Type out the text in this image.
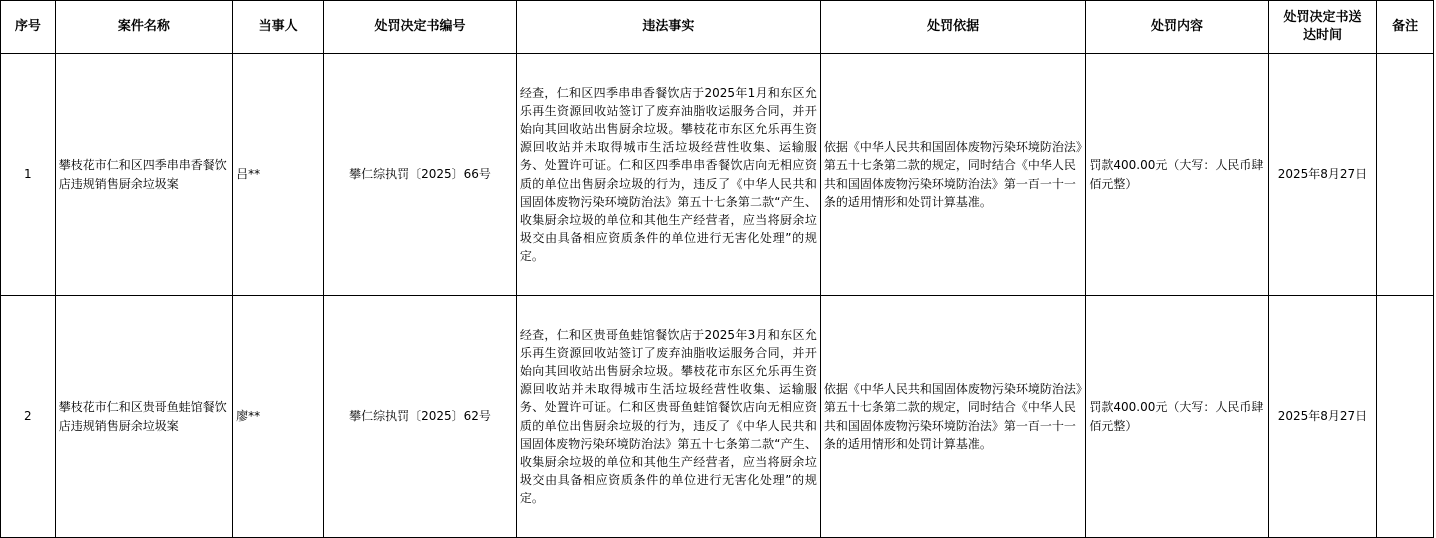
序号	案件名称	当事人	处罚决定书编号	违法事实	处罚依据	处罚内容	处罚决定书送达时间	备注
1	攀枝花市仁和区四季串串香餐饮店违规销售厨余垃圾案	吕**	攀仁综执罚〔2025〕66号	经查，仁和区四季串串香餐饮店于2025年1月和东区允乐再生资源回收站签订了废弃油脂收运服务合同，并开始向其回收站出售厨余垃圾。攀枝花市东区允乐再生资源回收站并未取得城市生活垃圾经营性收集、运输服务、处置许可证。仁和区四季串串香餐饮店向无相应资质的单位出售厨余垃圾的行为，违反了《中华人民共和国固体废物污染环境防治法》第五十七条第二款“产生、收集厨余垃圾的单位和其他生产经营者，应当将厨余垃圾交由具备相应资质条件的单位进行无害化处理”的规定。	依据《中华人民共和国固体废物污染环境防治法》第五十七条第二款的规定，同时结合《中华人民共和国固体废物污染环境防治法》第一百一十一条的适用情形和处罚计算基准。	罚款400.00元（大写：人民币肆佰元整）	2025年8月27日	
2	攀枝花市仁和区贵哥鱼蛙馆餐饮店违规销售厨余垃圾案	廖**	攀仁综执罚〔2025〕62号	经查，仁和区贵哥鱼蛙馆餐饮店于2025年3月和东区允乐再生资源回收站签订了废弃油脂收运服务合同，并开始向其回收站出售厨余垃圾。攀枝花市东区允乐再生资源回收站并未取得城市生活垃圾经营性收集、运输服务、处置许可证。仁和区贵哥鱼蛙馆餐饮店向无相应资质的单位出售厨余垃圾的行为，违反了《中华人民共和国固体废物污染环境防治法》第五十七条第二款“产生、收集厨余垃圾的单位和其他生产经营者，应当将厨余垃圾交由具备相应资质条件的单位进行无害化处理”的规定。	依据《中华人民共和国固体废物污染环境防治法》第五十七条第二款的规定，同时结合《中华人民共和国固体废物污染环境防治法》第一百一十一条的适用情形和处罚计算基准。	罚款400.00元（大写：人民币肆佰元整）	2025年8月27日	
